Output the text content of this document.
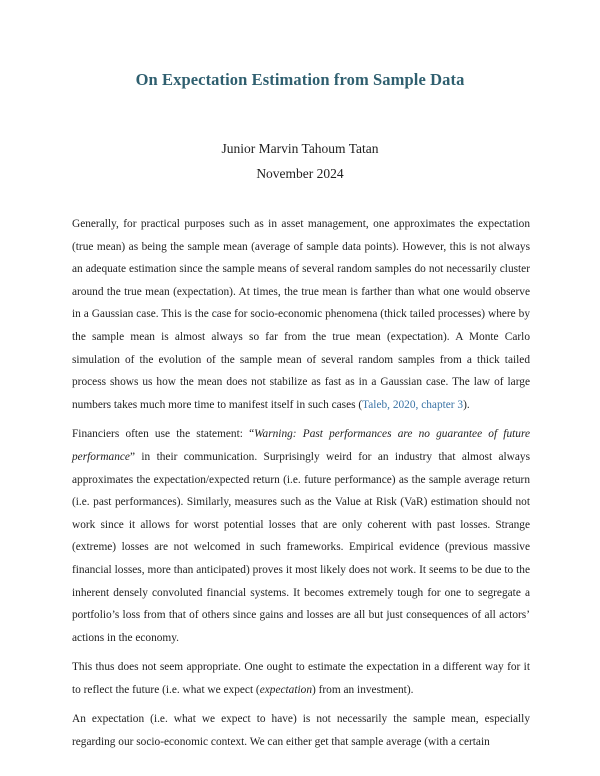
On Expectation Estimation from Sample Data
Junior Marvin Tahoum Tatan
November 2024

Generally, for practical purposes such as in asset management, one approximates the expectation (true mean) as being the sample mean (average of sample data points). However, this is not always an adequate estimation since the sample means of several random samples do not necessarily cluster around the true mean (expectation). At times, the true mean is farther than what one would observe in a Gaussian case. This is the case for socio-economic phenomena (thick tailed processes) where by the sample mean is almost always so far from the true mean (expectation). A Monte Carlo simulation of the evolution of the sample mean of several random samples from a thick tailed process shows us how the mean does not stabilize as fast as in a Gaussian case. The law of large numbers takes much more time to manifest itself in such cases (Taleb, 2020, chapter 3).

Financiers often use the statement: “Warning: Past performances are no guarantee of future performance” in their communication. Surprisingly weird for an industry that almost always approximates the expectation/expected return (i.e. future performance) as the sample average return (i.e. past performances). Similarly, measures such as the Value at Risk (VaR) estimation should not work since it allows for worst potential losses that are only coherent with past losses. Strange (extreme) losses are not welcomed in such frameworks. Empirical evidence (previous massive financial losses, more than anticipated) proves it most likely does not work. It seems to be due to the inherent densely convoluted financial systems. It becomes extremely tough for one to segregate a portfolio’s loss from that of others since gains and losses are all but just consequences of all actors’ actions in the economy.

This thus does not seem appropriate. One ought to estimate the expectation in a different way for it to reflect the future (i.e. what we expect (expectation) from an investment).

An expectation (i.e. what we expect to have) is not necessarily the sample mean, especially regarding our socio-economic context. We can either get that sample average (with a certain
